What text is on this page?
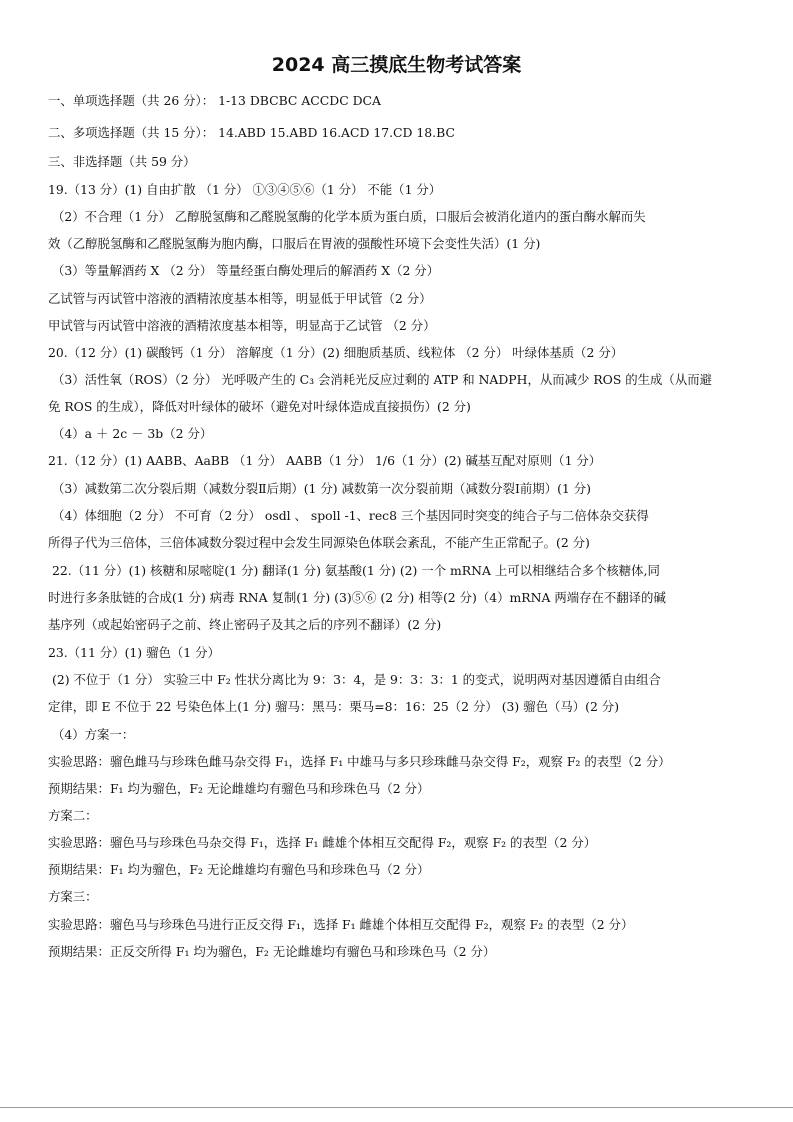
2024 高三摸底生物考试答案
一、单项选择题（共 26 分）： 1-13 DBCBC ACCDC DCA
二、多项选择题（共 15 分）： 14.ABD 15.ABD 16.ACD 17.CD 18.BC
三、非选择题（共 59 分）
19.（13 分）(1) 自由扩散 （1 分） ①③④⑤⑥（1 分） 不能（1 分）
（2）不合理（1 分） 乙醇脱氢酶和乙醛脱氢酶的化学本质为蛋白质，口服后会被消化道内的蛋白酶水解而失
效（乙醇脱氢酶和乙醛脱氢酶为胞内酶，口服后在胃液的强酸性环境下会变性失活）(1 分)
（3）等量解酒药 X （2 分） 等量经蛋白酶处理后的解酒药 X（2 分）
乙试管与丙试管中溶液的酒精浓度基本相等，明显低于甲试管（2 分）
甲试管与丙试管中溶液的酒精浓度基本相等，明显高于乙试管 （2 分）
20.（12 分）(1) 碳酸钙（1 分） 溶解度（1 分）(2) 细胞质基质、线粒体 （2 分） 叶绿体基质（2 分）
（3）活性氧（ROS）（2 分） 光呼吸产生的 C₃ 会消耗光反应过剩的 ATP 和 NADPH，从而减少 ROS 的生成（从而避
免 ROS 的生成），降低对叶绿体的破坏（避免对叶绿体造成直接损伤）(2 分)
（4）a ＋ 2c － 3b（2 分）
21.（12 分）(1) AABB、AaBB （1 分） AABB（1 分） 1/6（1 分）(2) 碱基互配对原则（1 分）
（3）减数第二次分裂后期（减数分裂Ⅱ后期）(1 分) 减数第一次分裂前期（减数分裂Ⅰ前期）(1 分)
（4）体细胞（2 分） 不可育（2 分） osdl 、 spoll -1、rec8 三个基因同时突变的纯合子与二倍体杂交获得
所得子代为三倍体，三倍体减数分裂过程中会发生同源染色体联会紊乱，不能产生正常配子。(2 分)
22.（11 分）(1) 核糖和尿嘧啶(1 分) 翻译(1 分) 氨基酸(1 分) (2) 一个 mRNA 上可以相继结合多个核糖体,同
时进行多条肽链的合成(1 分) 病毒 RNA 复制(1 分) (3)⑤⑥ (2 分) 相等(2 分)（4）mRNA 两端存在不翻译的碱
基序列（或起始密码子之前、终止密码子及其之后的序列不翻译）(2 分)
23.（11 分）(1) 骝色（1 分）
(2) 不位于（1 分） 实验三中 F₂ 性状分离比为 9：3：4，是 9：3：3：1 的变式，说明两对基因遵循自由组合
定律，即 E 不位于 22 号染色体上(1 分) 骝马：黑马：栗马=8：16：25（2 分） (3) 骝色（马）(2 分)
（4）方案一：
实验思路：骝色雌马与珍珠色雌马杂交得 F₁，选择 F₁ 中雄马与多只珍珠雌马杂交得 F₂，观察 F₂ 的表型（2 分）
预期结果：F₁ 均为骝色，F₂ 无论雌雄均有骝色马和珍珠色马（2 分）
方案二：
实验思路：骝色马与珍珠色马杂交得 F₁，选择 F₁ 雌雄个体相互交配得 F₂，观察 F₂ 的表型（2 分）
预期结果：F₁ 均为骝色，F₂ 无论雌雄均有骝色马和珍珠色马（2 分）
方案三：
实验思路：骝色马与珍珠色马进行正反交得 F₁，选择 F₁ 雌雄个体相互交配得 F₂，观察 F₂ 的表型（2 分）
预期结果：正反交所得 F₁ 均为骝色，F₂ 无论雌雄均有骝色马和珍珠色马（2 分）
